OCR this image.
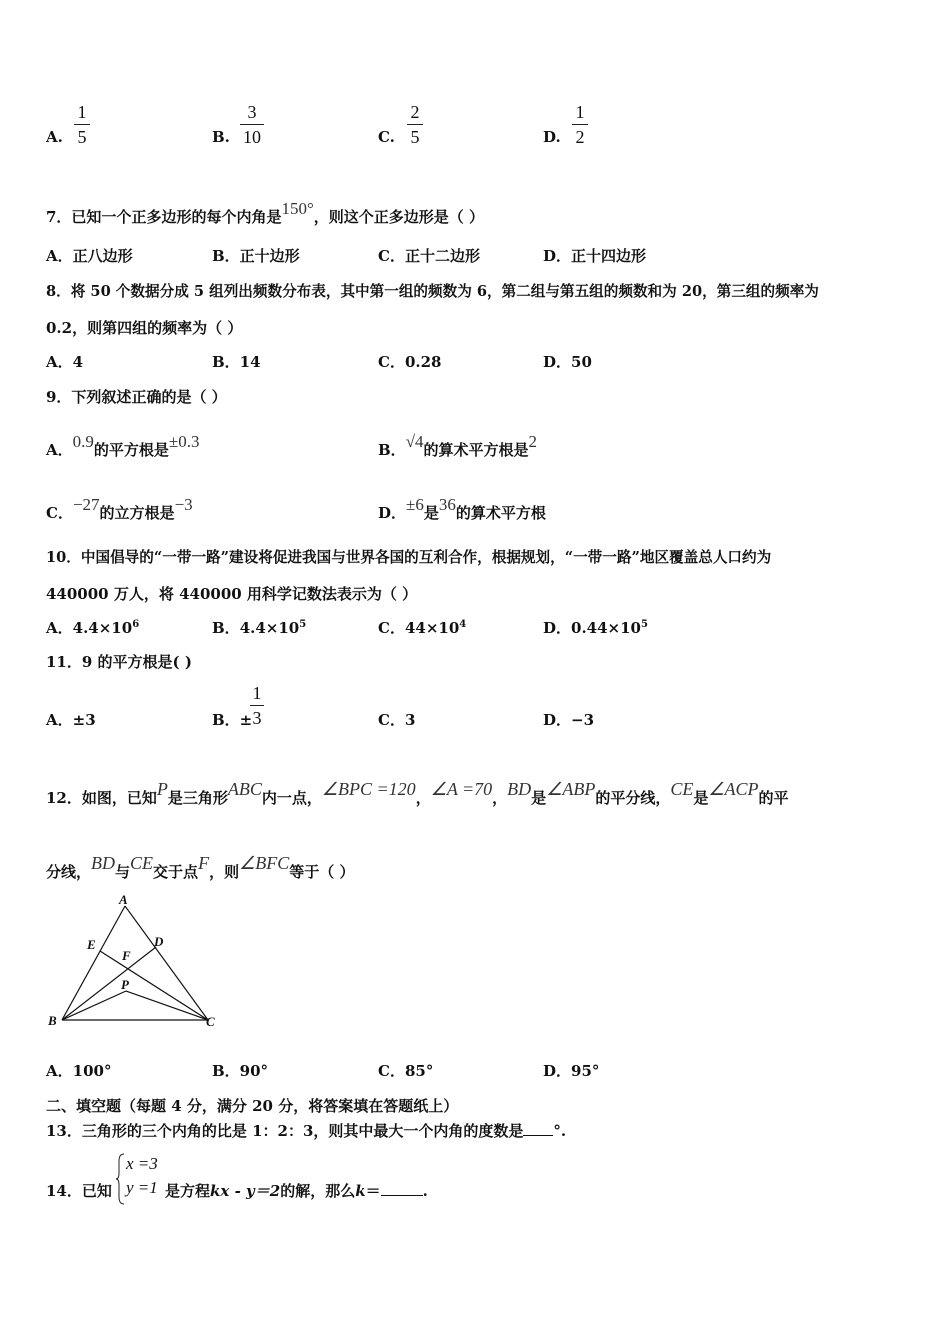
A.
1
5	B.
3
10	C.
2
5	D.
1
2
7．已知一个正多边形的每个内角是150°，则这个正多边形是（ ）
A．正八边形	B．正十边形	C．正十二边形	D．正十四边形
8．将 50 个数据分成 5 组列出频数分布表，其中第一组的频数为 6，第二组与第五组的频数和为 20，第三组的频率为
0.2，则第四组的频率为（ ）
A．4	B．14	C．0.28	D．50
9．下列叙述正确的是（ ）
A．0.9的平方根是±0.3	B．√4的算术平方根是2
C．−27的立方根是−3	D．±6是36的算术平方根
10．中国倡导的“一带一路”建设将促进我国与世界各国的互利合作，根据规划，“一带一路”地区覆盖总人口约为
440000 万人，将 440000 用科学记数法表示为（ ）
A．$4.4\times 10^6$	B．$4.4\times 10^5$	C．$44\times 10^4$	D．$0.44\times 10^5$
11．9 的平方根是( )
A．±3	B．±
1
3	C．3	D．−3
12．如图，已知P是三角形ABC内一点，∠BPC =120，∠A =70，BD是∠ABP的平分线，CE是∠ACP的平
分线，BD与CE交于点F，则∠BFC等于（ ）
A
B	C
D
E
F
P
A．100°	B．90°	C．85°	D．95°
二、填空题（每题 4 分，满分 20 分，将答案填在答题纸上）
13．三角形的三个内角的比是 1：2：3，则其中最大一个内角的度数是 °.
14．已知
x =3
y =1 是方程kx - y＝2的解，那么k＝	.
